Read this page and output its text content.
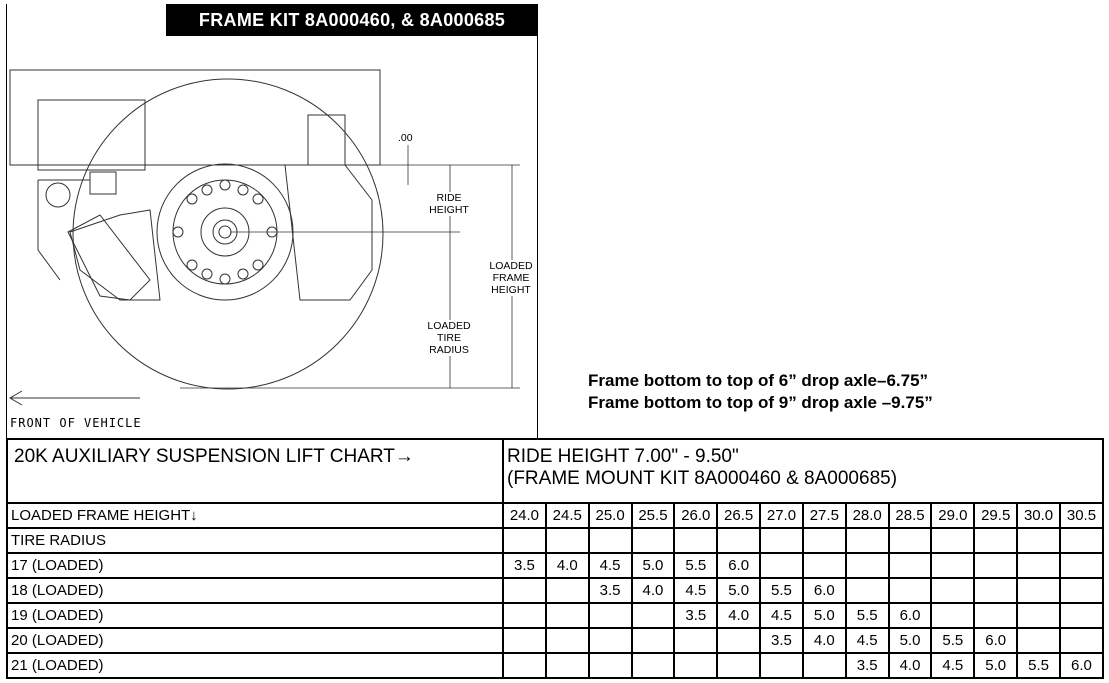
FRAME KIT 8A000460, & 8A000685
.00
RIDE
HEIGHT
LOADED
FRAME
HEIGHT
LOADED
TIRE
RADIUS
FRONT OF VEHICLE
Frame bottom to top of 6” drop axle–6.75”
Frame bottom to top of 9” drop axle –9.75”
20K AUXILIARY SUSPENSION LIFT CHART→	RIDE HEIGHT 7.00" - 9.50"
(FRAME MOUNT KIT 8A000460 & 8A000685)													

LOADED FRAME HEIGHT↓	24.0	24.5	25.0	25.5	26.0	26.5	27.0	27.5	28.0	28.5	29.0	29.5	30.0	30.5
TIRE RADIUS														
17 (LOADED)	3.5	4.0	4.5	5.0	5.5	6.0								
18 (LOADED)			3.5	4.0	4.5	5.0	5.5	6.0						
19 (LOADED)					3.5	4.0	4.5	5.0	5.5	6.0				
20 (LOADED)							3.5	4.0	4.5	5.0	5.5	6.0		
21 (LOADED)									3.5	4.0	4.5	5.0	5.5	6.0
